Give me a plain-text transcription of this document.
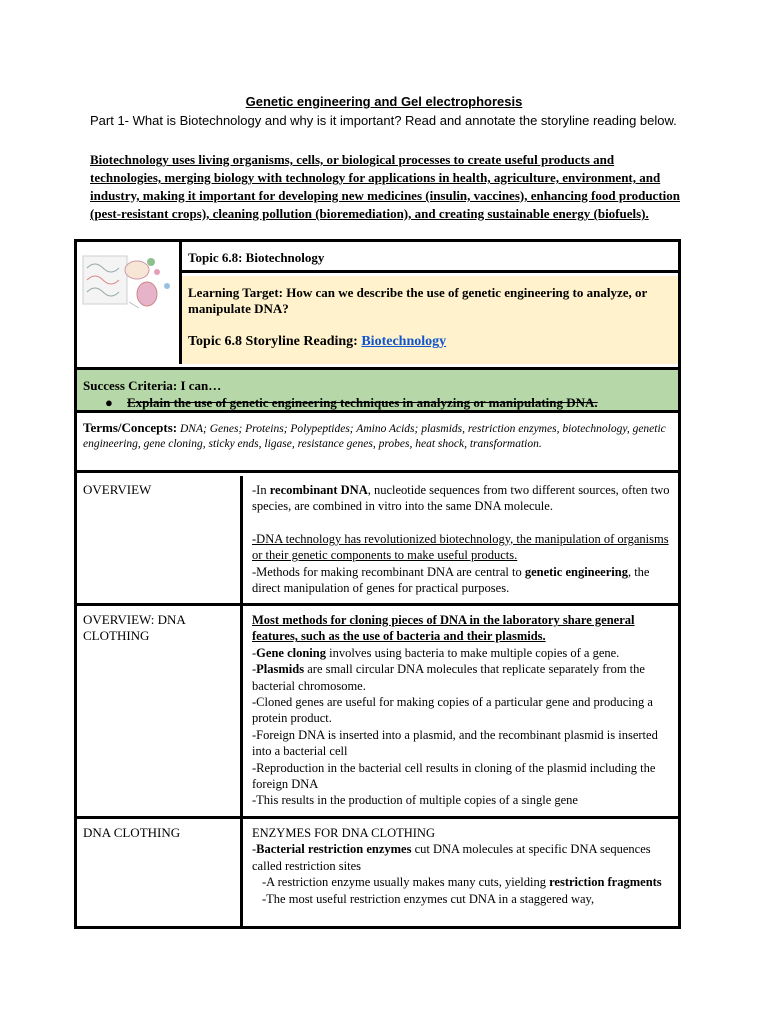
Genetic engineering and Gel electrophoresis
Part 1- What is Biotechnology and why is it important? Read and annotate the storyline reading below.
Biotechnology uses living organisms, cells, or biological processes to create useful products and technologies, merging biology with technology for applications in health, agriculture, environment, and industry, making it important for developing new medicines (insulin, vaccines), enhancing food production (pest-resistant crops), cleaning pollution (bioremediation), and creating sustainable energy (biofuels).
Topic 6.8: Biotechnology
Learning Target: How can we describe the use of genetic engineering to analyze, or manipulate DNA?
Topic 6.8 Storyline Reading: Biotechnology
Success Criteria: I can…
● Explain the use of genetic engineering techniques in analyzing or manipulating DNA.
Terms/Concepts: DNA; Genes; Proteins; Polypeptides; Amino Acids; plasmids, restriction enzymes, biotechnology, genetic engineering, gene cloning, sticky ends, ligase, resistance genes, probes, heat shock, transformation.
OVERVIEW	-In recombinant DNA, nucleotide sequences from two different sources, often two species, are combined in vitro into the same DNA molecule.

-DNA technology has revolutionized biotechnology, the manipulation of organisms or their genetic components to make useful products.

-Methods for making recombinant DNA are central to genetic engineering, the direct manipulation of genes for practical purposes.

OVERVIEW: DNA CLOTHING

Most methods for cloning pieces of DNA in the laboratory share general features, such as the use of bacteria and their plasmids.

-Gene cloning involves using bacteria to make multiple copies of a gene.

-Plasmids are small circular DNA molecules that replicate separately from the bacterial chromosome.

-Cloned genes are useful for making copies of a particular gene and producing a protein product.

-Foreign DNA is inserted into a plasmid, and the recombinant plasmid is inserted into a bacterial cell

-Reproduction in the bacterial cell results in cloning of the plasmid including the foreign DNA

-This results in the production of multiple copies of a single gene

DNA CLOTHING	ENZYMES FOR DNA CLOTHING

-Bacterial restriction enzymes cut DNA molecules at specific DNA sequences called restriction sites

-A restriction enzyme usually makes many cuts, yielding restriction fragments

-The most useful restriction enzymes cut DNA in a staggered way,
